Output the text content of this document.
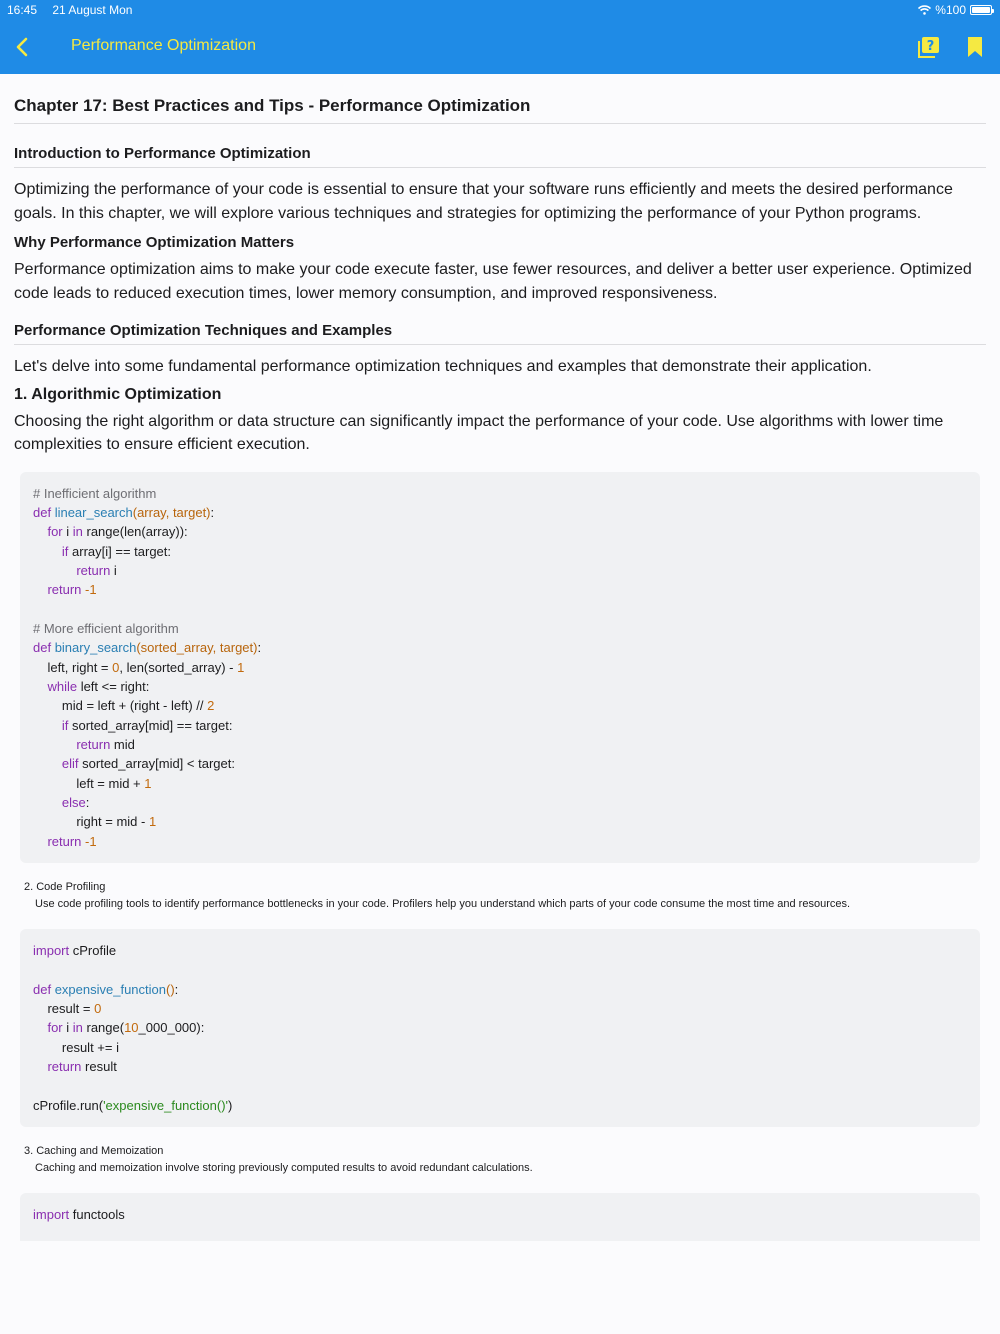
16:45 21 August Mon	%100
Performance Optimization	?
Chapter 17: Best Practices and Tips - Performance Optimization
Introduction to Performance Optimization

Optimizing the performance of your code is essential to ensure that your software runs efficiently and meets the desired performance goals. In this chapter, we will explore various techniques and strategies for optimizing the performance of your Python programs.

Why Performance Optimization Matters

Performance optimization aims to make your code execute faster, use fewer resources, and deliver a better user experience. Optimized code leads to reduced execution times, lower memory consumption, and improved responsiveness.

Performance Optimization Techniques and Examples

Let's delve into some fundamental performance optimization techniques and examples that demonstrate their application.

1. Algorithmic Optimization

Choosing the right algorithm or data structure can significantly impact the performance of your code. Use algorithms with lower time complexities to ensure efficient execution.

# Inefficient algorithm
def linear_search(array, target):
for i in range(len(array)):
if array[i] == target:
return i
return -1
# More efficient algorithm
def binary_search(sorted_array, target):
left, right = 0, len(sorted_array) - 1
while left <= right:
mid = left + (right - left) // 2
if sorted_array[mid] == target:
return mid
elif sorted_array[mid] < target:
left = mid + 1
else:
right = mid - 1
return -1
2. Code Profiling
Use code profiling tools to identify performance bottlenecks in your code. Profilers help you understand which parts of your code consume the most time and resources.
import cProfile
def expensive_function():
result = 0
for i in range(10_000_000):
result += i
return result
cProfile.run('expensive_function()')
3. Caching and Memoization
Caching and memoization involve storing previously computed results to avoid redundant calculations.
import functools
